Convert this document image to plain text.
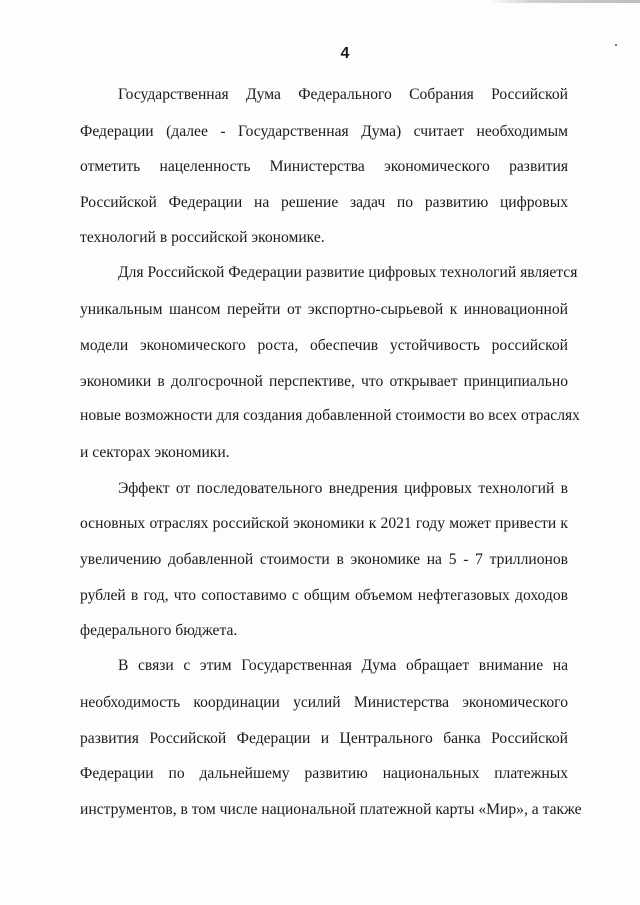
4
Государственная Дума Федерального Собрания Российской
Федерации (далее - Государственная Дума) считает необходимым
отметить нацеленность Министерства экономического развития
Российской Федерации на решение задач по развитию цифровых
технологий в российской экономике.
Для Российской Федерации развитие цифровых технологий является
уникальным шансом перейти от экспортно-сырьевой к инновационной
модели экономического роста, обеспечив устойчивость российской
экономики в долгосрочной перспективе, что открывает принципиально
новые возможности для создания добавленной стоимости во всех отраслях
и секторах экономики.
Эффект от последовательного внедрения цифровых технологий в
основных отраслях российской экономики к 2021 году может привести к
увеличению добавленной стоимости в экономике на 5 - 7 триллионов
рублей в год, что сопоставимо с общим объемом нефтегазовых доходов
федерального бюджета.
В связи с этим Государственная Дума обращает внимание на
необходимость координации усилий Министерства экономического
развития Российской Федерации и Центрального банка Российской
Федерации по дальнейшему развитию национальных платежных
инструментов, в том числе национальной платежной карты «Мир», а также
